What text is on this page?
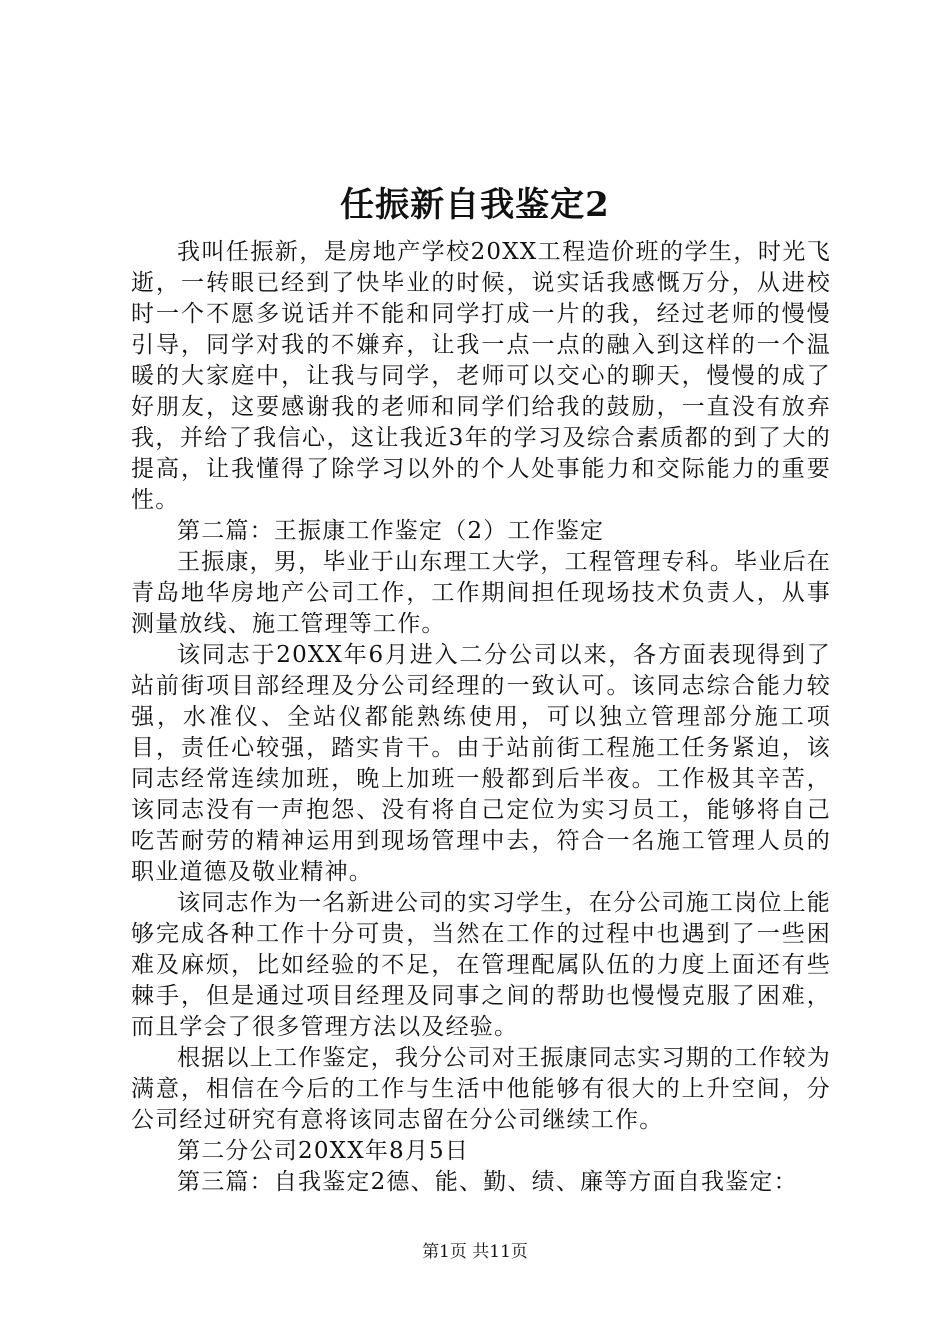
任振新自我鉴定2

我叫任振新，是房地产学校20XX工程造价班的学生，时光飞逝，一转眼已经到了快毕业的时候，说实话我感慨万分，从进校时一个不愿多说话并不能和同学打成一片的我，经过老师的慢慢引导，同学对我的不嫌弃，让我一点一点的融入到这样的一个温暖的大家庭中，让我与同学，老师可以交心的聊天，慢慢的成了好朋友，这要感谢我的老师和同学们给我的鼓励，一直没有放弃我，并给了我信心，这让我近3年的学习及综合素质都的到了大的提高，让我懂得了除学习以外的个人处事能力和交际能力的重要性。

第二篇：王振康工作鉴定（2）工作鉴定

王振康，男，毕业于山东理工大学，工程管理专科。毕业后在青岛地华房地产公司工作，工作期间担任现场技术负责人，从事测量放线、施工管理等工作。

该同志于20XX年6月进入二分公司以来，各方面表现得到了站前街项目部经理及分公司经理的一致认可。该同志综合能力较强，水准仪、全站仪都能熟练使用，可以独立管理部分施工项目，责任心较强，踏实肯干。由于站前街工程施工任务紧迫，该同志经常连续加班，晚上加班一般都到后半夜。工作极其辛苦，该同志没有一声抱怨、没有将自己定位为实习员工，能够将自己吃苦耐劳的精神运用到现场管理中去，符合一名施工管理人员的职业道德及敬业精神。

该同志作为一名新进公司的实习学生，在分公司施工岗位上能够完成各种工作十分可贵，当然在工作的过程中也遇到了一些困难及麻烦，比如经验的不足，在管理配属队伍的力度上面还有些棘手，但是通过项目经理及同事之间的帮助也慢慢克服了困难，而且学会了很多管理方法以及经验。

根据以上工作鉴定，我分公司对王振康同志实习期的工作较为满意，相信在今后的工作与生活中他能够有很大的上升空间，分公司经过研究有意将该同志留在分公司继续工作。

第二分公司20XX年8月5日

第三篇：自我鉴定2德、能、勤、绩、廉等方面自我鉴定：

第1页 共11页
